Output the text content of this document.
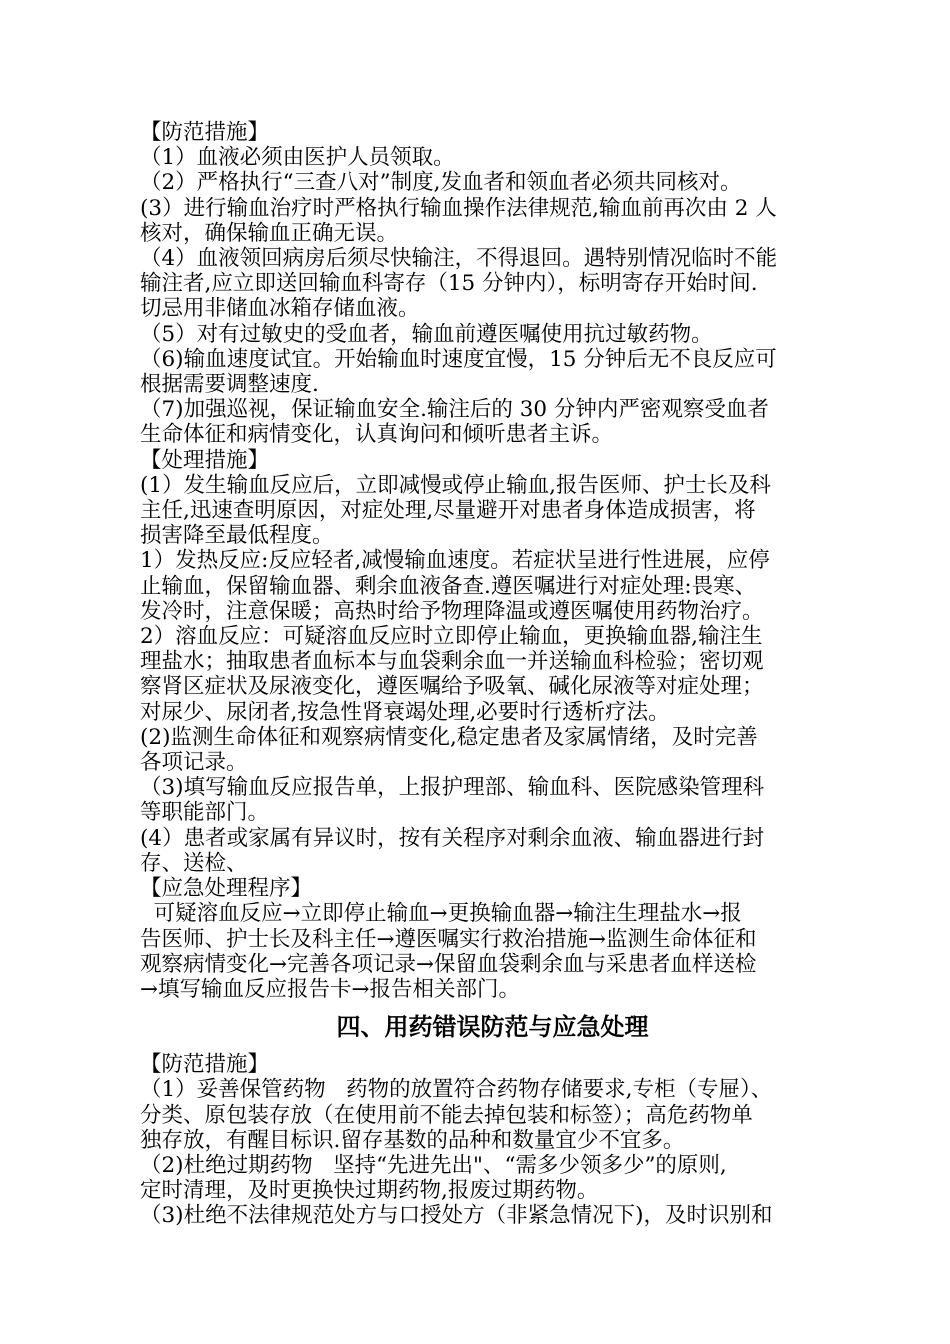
【防范措施】
（1）血液必须由医护人员领取。
（2）严格执行“三查八对”制度,发血者和领血者必须共同核对。
(3）进行输血治疗时严格执行输血操作法律规范,输血前再次由 2 人
核对，确保输血正确无误。
（4）血液领回病房后须尽快输注，不得退回。遇特别情况临时不能
输注者,应立即送回输血科寄存（15 分钟内），标明寄存开始时间.
切忌用非储血冰箱存储血液。
（5）对有过敏史的受血者，输血前遵医嘱使用抗过敏药物。
（6)输血速度试宜。开始输血时速度宜慢，15 分钟后无不良反应可
根据需要调整速度.
（7)加强巡视，保证输血安全.输注后的 30 分钟内严密观察受血者
生命体征和病情变化，认真询问和倾听患者主诉。
【处理措施】
(1）发生输血反应后，立即减慢或停止输血,报告医师、护士长及科
主任,迅速查明原因，对症处理,尽量避开对患者身体造成损害，将
损害降至最低程度。
1）发热反应:反应轻者,减慢输血速度。若症状呈进行性进展，应停
止输血，保留输血器、剩余血液备查.遵医嘱进行对症处理:畏寒、
发冷时，注意保暖；高热时给予物理降温或遵医嘱使用药物治疗。
2）溶血反应：可疑溶血反应时立即停止输血，更换输血器,输注生
理盐水；抽取患者血标本与血袋剩余血一并送输血科检验；密切观
察肾区症状及尿液变化，遵医嘱给予吸氧、碱化尿液等对症处理；
对尿少、尿闭者,按急性肾衰竭处理,必要时行透析疗法。
(2)监测生命体征和观察病情变化,稳定患者及家属情绪，及时完善
各项记录。
（3)填写输血反应报告单，上报护理部、输血科、医院感染管理科
等职能部门。
(4）患者或家属有异议时，按有关程序对剩余血液、输血器进行封
存、送检、
【应急处理程序】
可疑溶血反应→立即停止输血→更换输血器→输注生理盐水→报
告医师、护士长及科主任→遵医嘱实行救治措施→监测生命体征和
观察病情变化→完善各项记录→保留血袋剩余血与采患者血样送检
→填写输血反应报告卡→报告相关部门。
四、用药错误防范与应急处理
【防范措施】
（1）妥善保管药物   药物的放置符合药物存储要求,专柜（专屉）、
分类、原包装存放（在使用前不能去掉包装和标签）；高危药物单
独存放，有醒目标识.留存基数的品种和数量宜少不宜多。
（2)杜绝过期药物   坚持“先进先出"、“需多少领多少”的原则,
定时清理，及时更换快过期药物,报废过期药物。
（3)杜绝不法律规范处方与口授处方（非紧急情况下)，及时识别和
